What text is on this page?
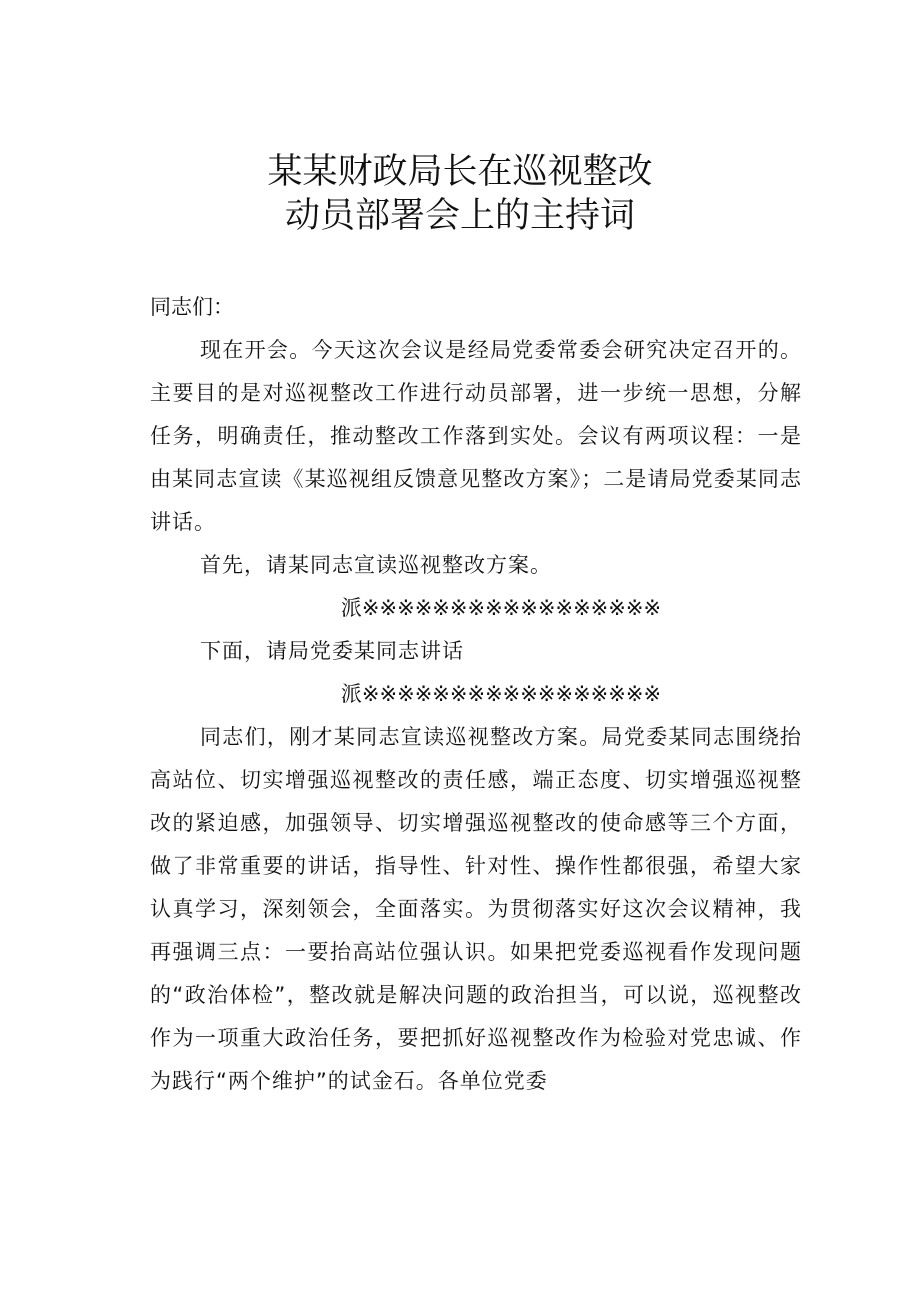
某某财政局长在巡视整改
动员部署会上的主持词
同志们：
现在开会。今天这次会议是经局党委常委会研究决定召开的。主要目的是对巡视整改工作进行动员部署，进一步统一思想，分解任务，明确责任，推动整改工作落到实处。会议有两项议程：一是由某同志宣读《某巡视组反馈意见整改方案》；二是请局党委某同志讲话。
首先，请某同志宣读巡视整改方案。
派※※※※※※※※※※※※※※※※※
下面，请局党委某同志讲话
派※※※※※※※※※※※※※※※※※
同志们，刚才某同志宣读巡视整改方案。局党委某同志围绕抬高站位、切实增强巡视整改的责任感，端正态度、切实增强巡视整改的紧迫感，加强领导、切实增强巡视整改的使命感等三个方面，做了非常重要的讲话，指导性、针对性、操作性都很强，希望大家认真学习，深刻领会，全面落实。为贯彻落实好这次会议精神，我再强调三点：一要抬高站位强认识。如果把党委巡视看作发现问题的“政治体检”，整改就是解决问题的政治担当，可以说，巡视整改作为一项重大政治任务，要把抓好巡视整改作为检验对党忠诚、作为践行“两个维护”的试金石。各单位党委
